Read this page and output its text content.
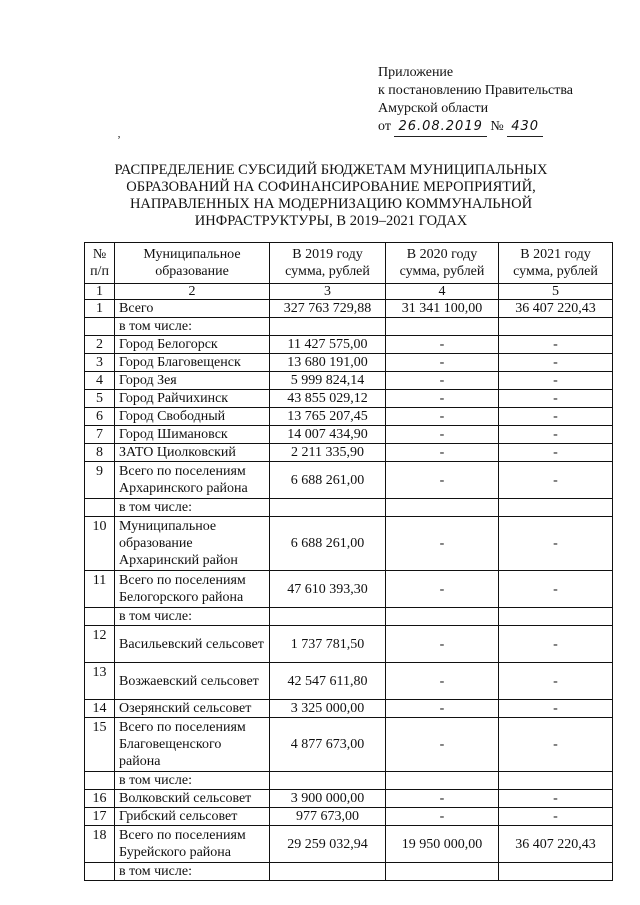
Приложение
к постановлению Правительства
Амурской области
от 26.08.2019 № 430
‚
РАСПРЕДЕЛЕНИЕ СУБСИДИЙ БЮДЖЕТАМ МУНИЦИПАЛЬНЫХ
ОБРАЗОВАНИЙ НА СОФИНАНСИРОВАНИЕ МЕРОПРИЯТИЙ,
НАПРАВЛЕННЫХ НА МОДЕРНИЗАЦИЮ КОММУНАЛЬНОЙ
ИНФРАСТРУКТУРЫ, В 2019–2021 ГОДАХ
№ п/п	Муниципальное образование	В 2019 году сумма, рублей	В 2020 году сумма, рублей	В 2021 году сумма, рублей
1	2	3	4	5
1	Всего	327 763 729,88	31 341 100,00	36 407 220,43
	в том числе:			
2	Город Белогорск	11 427 575,00	-	-
3	Город Благовещенск	13 680 191,00	-	-
4	Город Зея	5 999 824,14	-	-
5	Город Райчихинск	43 855 029,12	-	-
6	Город Свободный	13 765 207,45	-	-
7	Город Шимановск	14 007 434,90	-	-
8	ЗАТО Циолковский	2 211 335,90	-	-
9	Всего по поселениям Архаринского района	6 688 261,00	-	-
	в том числе:			
10	Муниципальное образование Архаринский район	6 688 261,00	-	-
11	Всего по поселениям Белогорского района	47 610 393,30	-	-
	в том числе:			
12	Васильевский сельсовет	1 737 781,50	-	-
13	Возжаевский сельсовет	42 547 611,80	-	-
14	Озерянский сельсовет	3 325 000,00	-	-
15	Всего по поселениям Благовещенского района	4 877 673,00	-	-
	в том числе:			
16	Волковский сельсовет	3 900 000,00	-	-
17	Грибский сельсовет	977 673,00	-	-
18	Всего по поселениям Бурейского района	29 259 032,94	19 950 000,00	36 407 220,43
	в том числе:			
